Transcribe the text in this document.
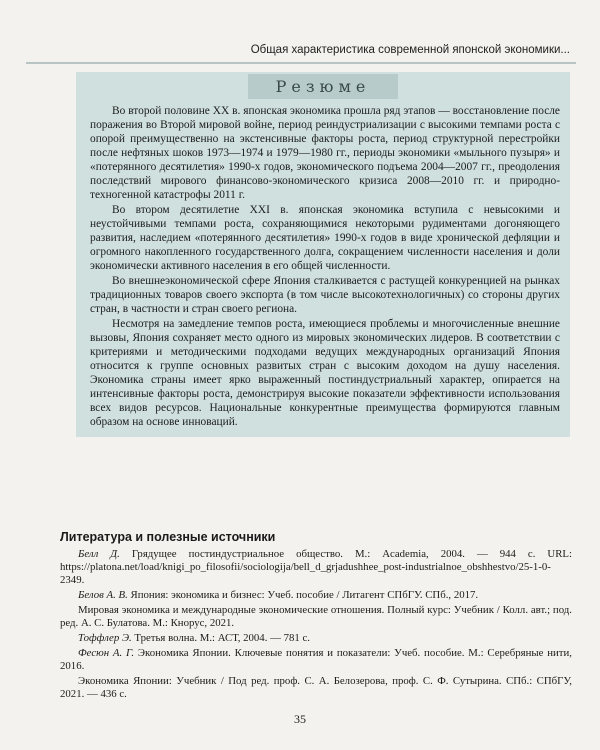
Общая характеристика современной японской экономики...
Резюме

Во второй половине XX в. японская экономика прошла ряд этапов — восстановление после поражения во Второй мировой войне, период реиндустриализации с высокими темпами роста с опорой преимущественно на экстенсивные факторы роста, период структурной перестройки после нефтяных шоков 1973—1974 и 1979—1980 гг., периоды экономики «мыльного пузыря» и «потерянного десятилетия» 1990-х годов, экономического подъема 2004—2007 гг., преодоления последствий мирового финансово-экономического кризиса 2008—2010 гг. и природно-техногенной катастрофы 2011 г.

Во втором десятилетие XXI в. японская экономика вступила с невысокими и неустойчивыми темпами роста, сохраняющимися некоторыми рудиментами догоняющего развития, наследием «потерянного десятилетия» 1990-х годов в виде хронической дефляции и огромного накопленного государственного долга, сокращением численности населения и доли экономически активного населения в его общей численности.

Во внешнеэкономической сфере Япония сталкивается с растущей конкуренцией на рынках традиционных товаров своего экспорта (в том числе высокотехнологичных) со стороны других стран, в частности и стран своего региона.

Несмотря на замедление темпов роста, имеющиеся проблемы и многочисленные внешние вызовы, Япония сохраняет место одного из мировых экономических лидеров. В соответствии с критериями и методическими подходами ведущих международных организаций Япония относится к группе основных развитых стран с высоким доходом на душу населения. Экономика страны имеет ярко выраженный постиндустриальный характер, опирается на интенсивные факторы роста, демонстрируя высокие показатели эффективности использования всех видов ресурсов. Национальные конкурентные преимущества формируются главным образом на основе инноваций.

Литература и полезные источники
Белл Д. Грядущее постиндустриальное общество. М.: Academia, 2004. — 944 с. URL: https://platona.net/load/knigi_po_filosofii/sociologija/bell_d_grjadushhee_post-industrialnoe_obshhestvo/25-1-0-2349.
Белов А. В. Япония: экономика и бизнес: Учеб. пособие / Литагент СПбГУ. СПб., 2017.
Мировая экономика и международные экономические отношения. Полный курс: Учебник / Колл. авт.; под. ред. А. С. Булатова. М.: Кнорус, 2021.
Тоффлер Э. Третья волна. М.: АСТ, 2004. — 781 с.
Фесюн А. Г. Экономика Японии. Ключевые понятия и показатели: Учеб. пособие. М.: Серебряные нити, 2016.
Экономика Японии: Учебник / Под ред. проф. С. А. Белозерова, проф. С. Ф. Сутырина. СПб.: СПбГУ, 2021. — 436 с.
35
